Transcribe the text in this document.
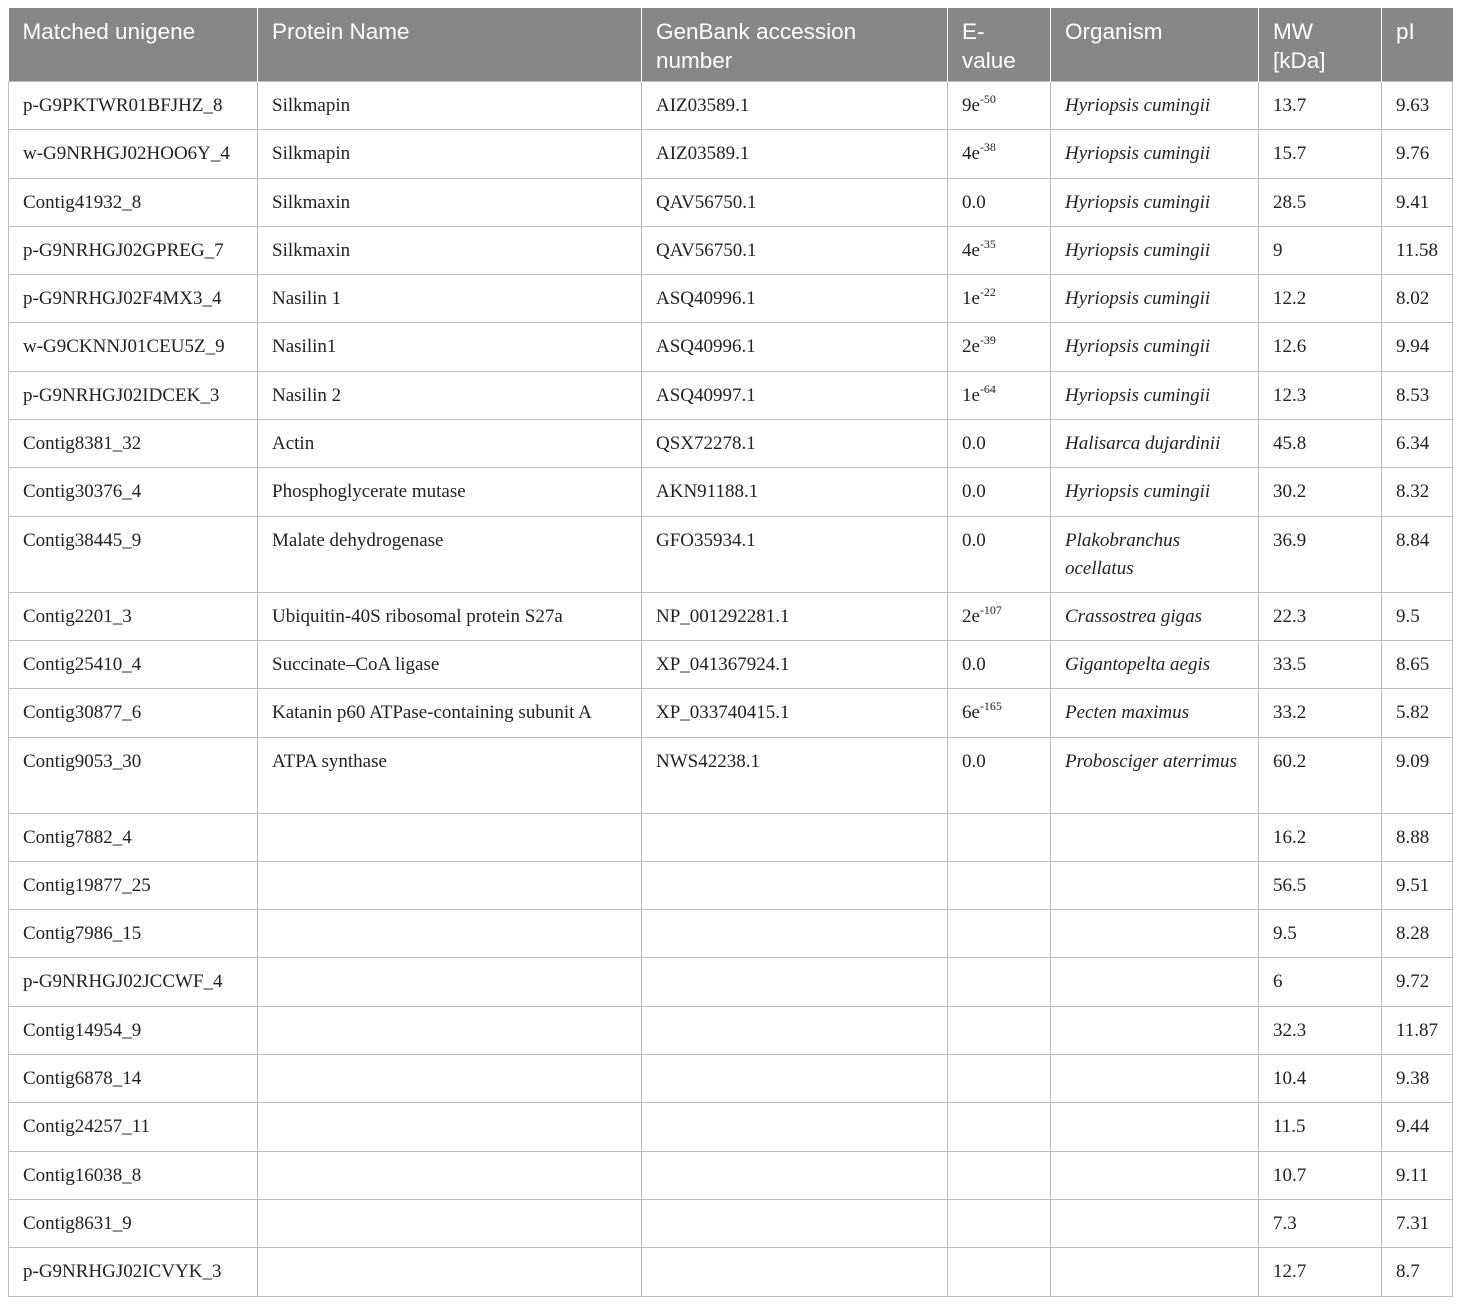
Matched unigene	Protein Name	GenBank accession number	E-value	Organism	MW [kDa]	pI
p-G9PKTWR01BFJHZ_8	Silkmapin	AIZ03589.1	$9e^{-50}$	Hyriopsis cumingii	13.7	9.63
w-G9NRHGJ02HOO6Y_4	Silkmapin	AIZ03589.1	$4e^{-38}$	Hyriopsis cumingii	15.7	9.76
Contig41932_8	Silkmaxin	QAV56750.1	0.0	Hyriopsis cumingii	28.5	9.41
p-G9NRHGJ02GPREG_7	Silkmaxin	QAV56750.1	$4e^{-35}$	Hyriopsis cumingii	9	11.58
p-G9NRHGJ02F4MX3_4	Nasilin 1	ASQ40996.1	$1e^{-22}$	Hyriopsis cumingii	12.2	8.02
w-G9CKNNJ01CEU5Z_9	Nasilin1	ASQ40996.1	$2e^{-39}$	Hyriopsis cumingii	12.6	9.94
p-G9NRHGJ02IDCEK_3	Nasilin 2	ASQ40997.1	$1e^{-64}$	Hyriopsis cumingii	12.3	8.53
Contig8381_32	Actin	QSX72278.1	0.0	Halisarca dujardinii	45.8	6.34
Contig30376_4	Phosphoglycerate mutase	AKN91188.1	0.0	Hyriopsis cumingii	30.2	8.32
Contig38445_9	Malate dehydrogenase	GFO35934.1	0.0	Plakobranchus ocellatus	36.9	8.84
Contig2201_3	Ubiquitin-40S ribosomal protein S27a	NP_001292281.1	$2e^{-107}$	Crassostrea gigas	22.3	9.5
Contig25410_4	Succinate–CoA ligase	XP_041367924.1	0.0	Gigantopelta aegis	33.5	8.65
Contig30877_6	Katanin p60 ATPase-containing subunit A	XP_033740415.1	$6e^{-165}$	Pecten maximus	33.2	5.82
Contig9053_30	ATPA synthase	NWS42238.1	0.0	Probosciger aterrimus	60.2	9.09
Contig7882_4					16.2	8.88
Contig19877_25					56.5	9.51
Contig7986_15					9.5	8.28
p-G9NRHGJ02JCCWF_4					6	9.72
Contig14954_9					32.3	11.87
Contig6878_14					10.4	9.38
Contig24257_11					11.5	9.44
Contig16038_8					10.7	9.11
Contig8631_9					7.3	7.31
p-G9NRHGJ02ICVYK_3					12.7	8.7
